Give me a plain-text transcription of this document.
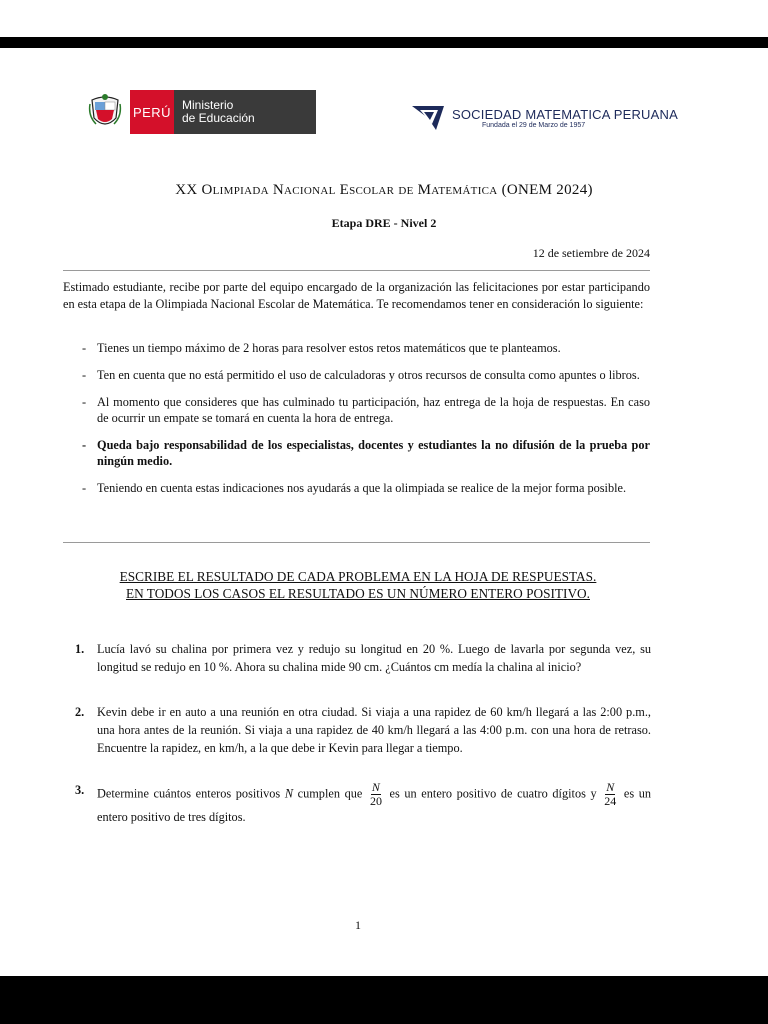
PERÚ Ministerio
de Educación	SOCIEDAD MATEMATICA PERUANA
Fundada el 29 de Marzo de 1957
XX Olimpiada Nacional Escolar de Matemática (ONEM 2024)
Etapa DRE - Nivel 2
12 de setiembre de 2024
Estimado estudiante, recibe por parte del equipo encargado de la organización las felicitaciones por estar participando en esta etapa de la Olimpiada Nacional Escolar de Matemática. Te recomendamos tener en consideración lo siguiente:
- Tienes un tiempo máximo de 2 horas para resolver estos retos matemáticos que te planteamos.
- Ten en cuenta que no está permitido el uso de calculadoras y otros recursos de consulta como apuntes o libros.
- Al momento que consideres que has culminado tu participación, haz entrega de la hoja de respuestas. En caso de ocurrir un empate se tomará en cuenta la hora de entrega.
- Queda bajo responsabilidad de los especialistas, docentes y estudiantes la no difusión de la prueba por ningún medio.
- Teniendo en cuenta estas indicaciones nos ayudarás a que la olimpiada se realice de la mejor forma posible.
ESCRIBE EL RESULTADO DE CADA PROBLEMA EN LA HOJA DE RESPUESTAS.
EN TODOS LOS CASOS EL RESULTADO ES UN NÚMERO ENTERO POSITIVO.
1. Lucía lavó su chalina por primera vez y redujo su longitud en 20 %. Luego de lavarla por segunda vez, su longitud se redujo en 10 %. Ahora su chalina mide 90 cm. ¿Cuántos cm medía la chalina al inicio?
2. Kevin debe ir en auto a una reunión en otra ciudad. Si viaja a una rapidez de 60 km/h llegará a las 2:00 p.m., una hora antes de la reunión. Si viaja a una rapidez de 40 km/h llegará a las 4:00 p.m. con una hora de retraso. Encuentre la rapidez, en km/h, a la que debe ir Kevin para llegar a tiempo.
3. Determine cuántos enteros positivos N cumplen que $\frac{N}{20}$ es un entero positivo de cuatro dígitos y $\frac{N}{24}$ es un entero positivo de tres dígitos.
1
